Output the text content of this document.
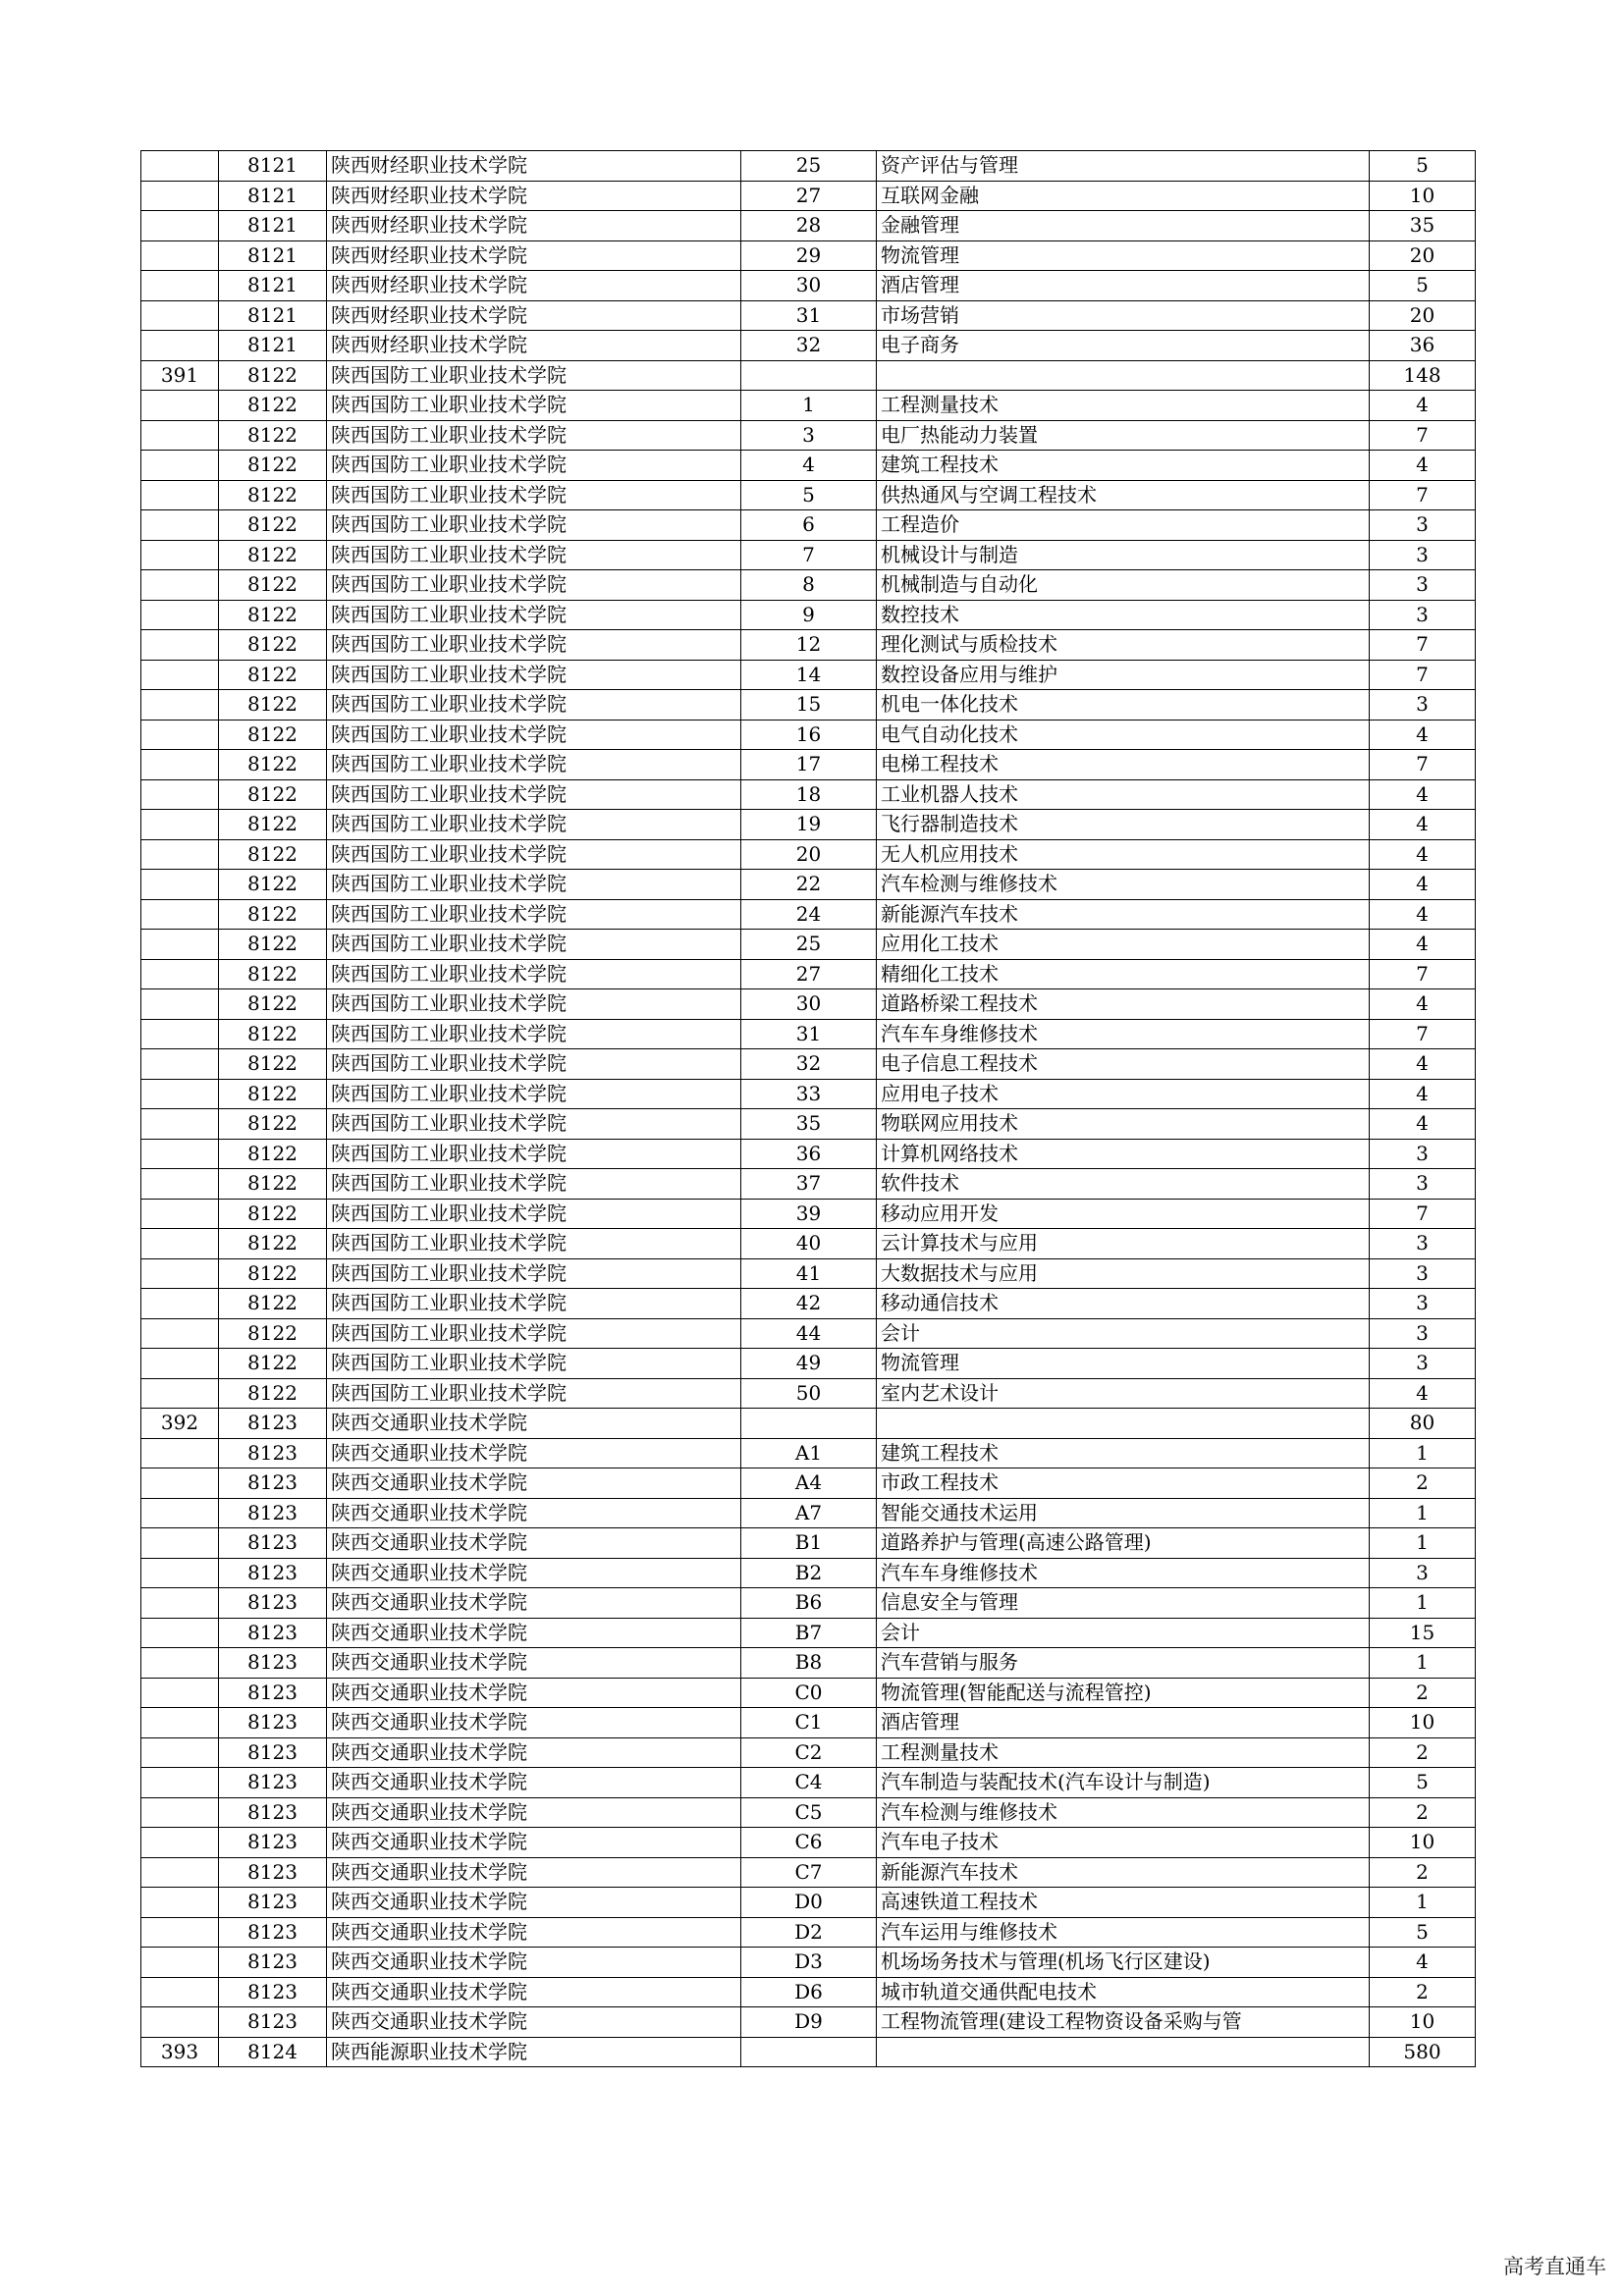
	8121	陕西财经职业技术学院	25	资产评估与管理	5
	8121	陕西财经职业技术学院	27	互联网金融	10
	8121	陕西财经职业技术学院	28	金融管理	35
	8121	陕西财经职业技术学院	29	物流管理	20
	8121	陕西财经职业技术学院	30	酒店管理	5
	8121	陕西财经职业技术学院	31	市场营销	20
	8121	陕西财经职业技术学院	32	电子商务	36
391	8122	陕西国防工业职业技术学院			148
	8122	陕西国防工业职业技术学院	1	工程测量技术	4
	8122	陕西国防工业职业技术学院	3	电厂热能动力装置	7
	8122	陕西国防工业职业技术学院	4	建筑工程技术	4
	8122	陕西国防工业职业技术学院	5	供热通风与空调工程技术	7
	8122	陕西国防工业职业技术学院	6	工程造价	3
	8122	陕西国防工业职业技术学院	7	机械设计与制造	3
	8122	陕西国防工业职业技术学院	8	机械制造与自动化	3
	8122	陕西国防工业职业技术学院	9	数控技术	3
	8122	陕西国防工业职业技术学院	12	理化测试与质检技术	7
	8122	陕西国防工业职业技术学院	14	数控设备应用与维护	7
	8122	陕西国防工业职业技术学院	15	机电一体化技术	3
	8122	陕西国防工业职业技术学院	16	电气自动化技术	4
	8122	陕西国防工业职业技术学院	17	电梯工程技术	7
	8122	陕西国防工业职业技术学院	18	工业机器人技术	4
	8122	陕西国防工业职业技术学院	19	飞行器制造技术	4
	8122	陕西国防工业职业技术学院	20	无人机应用技术	4
	8122	陕西国防工业职业技术学院	22	汽车检测与维修技术	4
	8122	陕西国防工业职业技术学院	24	新能源汽车技术	4
	8122	陕西国防工业职业技术学院	25	应用化工技术	4
	8122	陕西国防工业职业技术学院	27	精细化工技术	7
	8122	陕西国防工业职业技术学院	30	道路桥梁工程技术	4
	8122	陕西国防工业职业技术学院	31	汽车车身维修技术	7
	8122	陕西国防工业职业技术学院	32	电子信息工程技术	4
	8122	陕西国防工业职业技术学院	33	应用电子技术	4
	8122	陕西国防工业职业技术学院	35	物联网应用技术	4
	8122	陕西国防工业职业技术学院	36	计算机网络技术	3
	8122	陕西国防工业职业技术学院	37	软件技术	3
	8122	陕西国防工业职业技术学院	39	移动应用开发	7
	8122	陕西国防工业职业技术学院	40	云计算技术与应用	3
	8122	陕西国防工业职业技术学院	41	大数据技术与应用	3
	8122	陕西国防工业职业技术学院	42	移动通信技术	3
	8122	陕西国防工业职业技术学院	44	会计	3
	8122	陕西国防工业职业技术学院	49	物流管理	3
	8122	陕西国防工业职业技术学院	50	室内艺术设计	4
392	8123	陕西交通职业技术学院			80
	8123	陕西交通职业技术学院	A1	建筑工程技术	1
	8123	陕西交通职业技术学院	A4	市政工程技术	2
	8123	陕西交通职业技术学院	A7	智能交通技术运用	1
	8123	陕西交通职业技术学院	B1	道路养护与管理(高速公路管理)	1
	8123	陕西交通职业技术学院	B2	汽车车身维修技术	3
	8123	陕西交通职业技术学院	B6	信息安全与管理	1
	8123	陕西交通职业技术学院	B7	会计	15
	8123	陕西交通职业技术学院	B8	汽车营销与服务	1
	8123	陕西交通职业技术学院	C0	物流管理(智能配送与流程管控)	2
	8123	陕西交通职业技术学院	C1	酒店管理	10
	8123	陕西交通职业技术学院	C2	工程测量技术	2
	8123	陕西交通职业技术学院	C4	汽车制造与装配技术(汽车设计与制造)	5
	8123	陕西交通职业技术学院	C5	汽车检测与维修技术	2
	8123	陕西交通职业技术学院	C6	汽车电子技术	10
	8123	陕西交通职业技术学院	C7	新能源汽车技术	2
	8123	陕西交通职业技术学院	D0	高速铁道工程技术	1
	8123	陕西交通职业技术学院	D2	汽车运用与维修技术	5
	8123	陕西交通职业技术学院	D3	机场场务技术与管理(机场飞行区建设)	4
	8123	陕西交通职业技术学院	D6	城市轨道交通供配电技术	2
	8123	陕西交通职业技术学院	D9	工程物流管理(建设工程物资设备采购与管	10
393	8124	陕西能源职业技术学院			580
高考直通车
